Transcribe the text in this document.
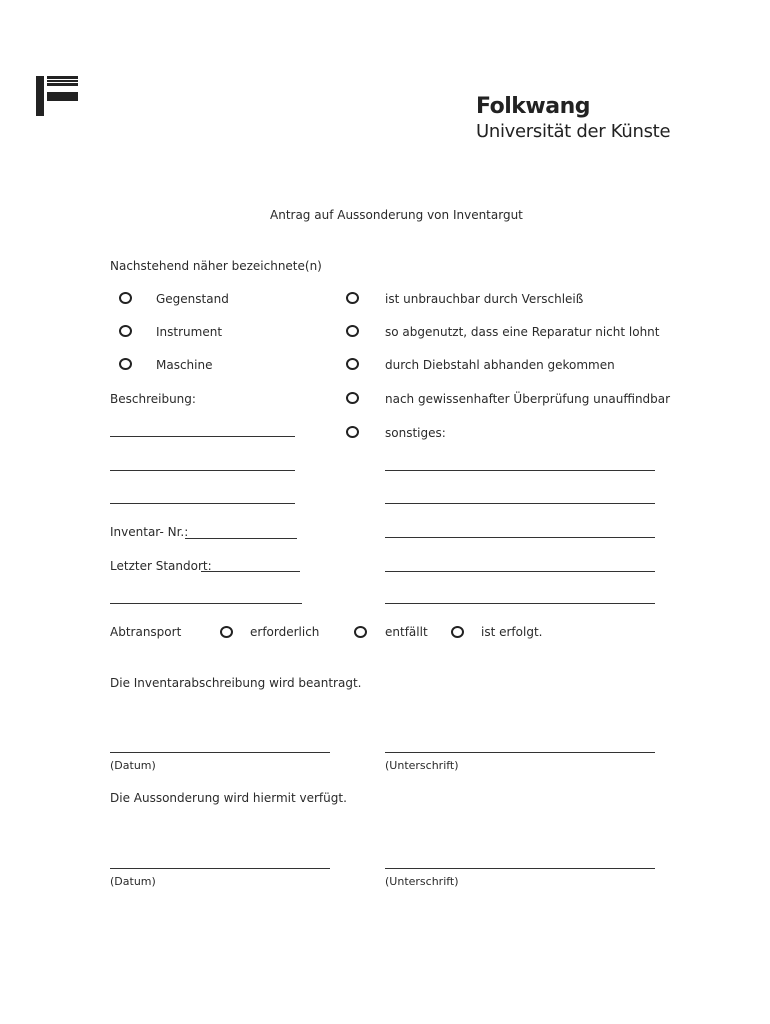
Folkwang
Universität der Künste
Antrag auf Aussonderung von Inventargut
Nachstehend näher bezeichnete(n)
Gegenstand
Instrument
Maschine
ist unbrauchbar durch Verschleiß
so abgenutzt, dass eine Reparatur nicht lohnt
durch Diebstahl abhanden gekommen
nach gewissenhafter Überprüfung unauffindbar
sonstiges:
Beschreibung:
Inventar- Nr.:
Letzter Standort:
Abtransport	erforderlich	entfällt	ist erfolgt.
Die Inventarabschreibung wird beantragt.
(Datum)	(Unterschrift)
Die Aussonderung wird hiermit verfügt.
(Datum)	(Unterschrift)
